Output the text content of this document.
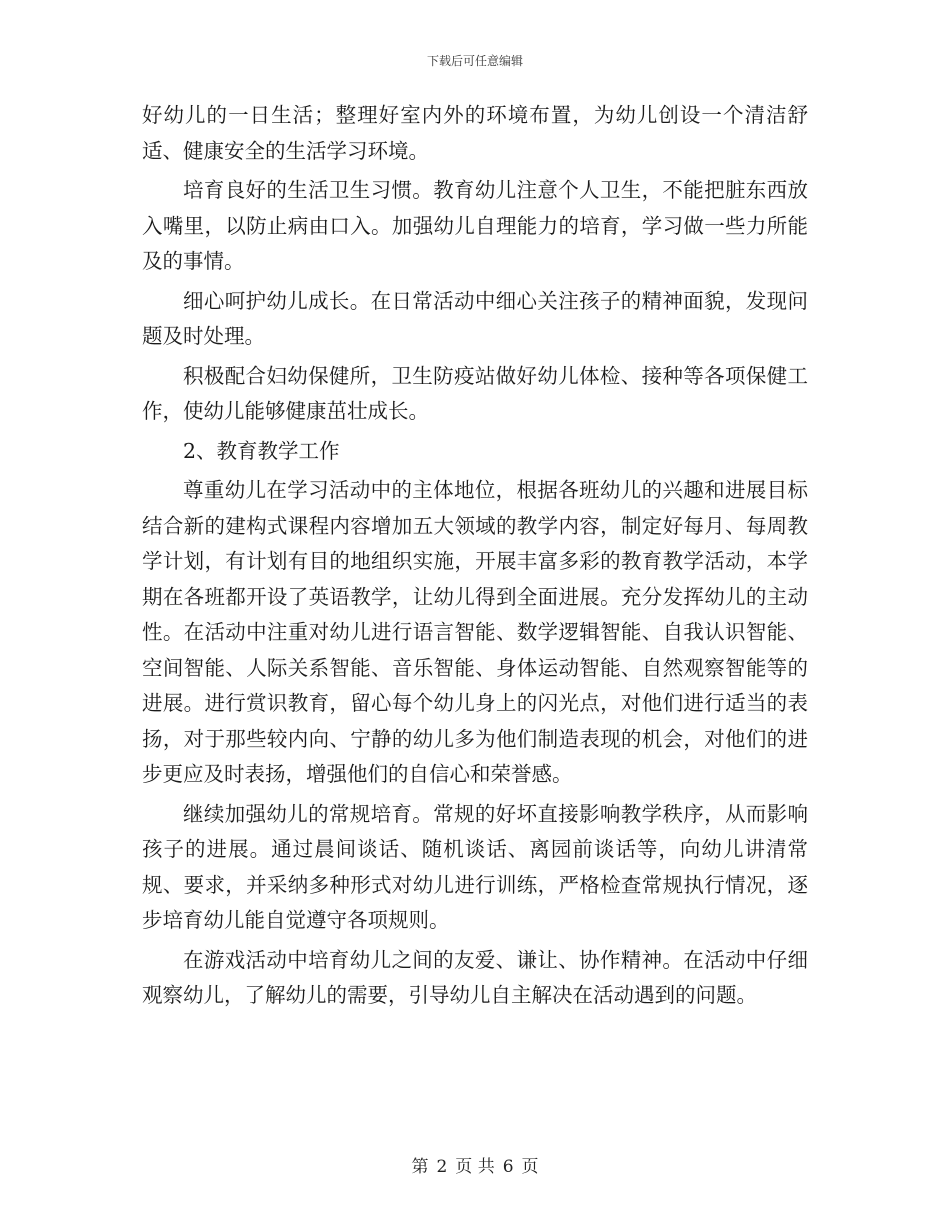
下载后可任意编辑

好幼儿的一日生活；整理好室内外的环境布置，为幼儿创设一个清洁舒适、健康安全的生活学习环境。

培育良好的生活卫生习惯。教育幼儿注意个人卫生，不能把脏东西放入嘴里，以防止病由口入。加强幼儿自理能力的培育，学习做一些力所能及的事情。

细心呵护幼儿成长。在日常活动中细心关注孩子的精神面貌，发现问题及时处理。

积极配合妇幼保健所，卫生防疫站做好幼儿体检、接种等各项保健工作，使幼儿能够健康茁壮成长。

2、教育教学工作

尊重幼儿在学习活动中的主体地位，根据各班幼儿的兴趣和进展目标结合新的建构式课程内容增加五大领域的教学内容，制定好每月、每周教学计划，有计划有目的地组织实施，开展丰富多彩的教育教学活动，本学期在各班都开设了英语教学，让幼儿得到全面进展。充分发挥幼儿的主动性。在活动中注重对幼儿进行语言智能、数学逻辑智能、自我认识智能、空间智能、人际关系智能、音乐智能、身体运动智能、自然观察智能等的进展。进行赏识教育，留心每个幼儿身上的闪光点，对他们进行适当的表扬，对于那些较内向、宁静的幼儿多为他们制造表现的机会，对他们的进步更应及时表扬，增强他们的自信心和荣誉感。

继续加强幼儿的常规培育。常规的好坏直接影响教学秩序，从而影响孩子的进展。通过晨间谈话、随机谈话、离园前谈话等，向幼儿讲清常规、要求，并采纳多种形式对幼儿进行训练，严格检查常规执行情况，逐步培育幼儿能自觉遵守各项规则。

在游戏活动中培育幼儿之间的友爱、谦让、协作精神。在活动中仔细观察幼儿，了解幼儿的需要，引导幼儿自主解决在活动遇到的问题。

第 2 页 共 6 页
